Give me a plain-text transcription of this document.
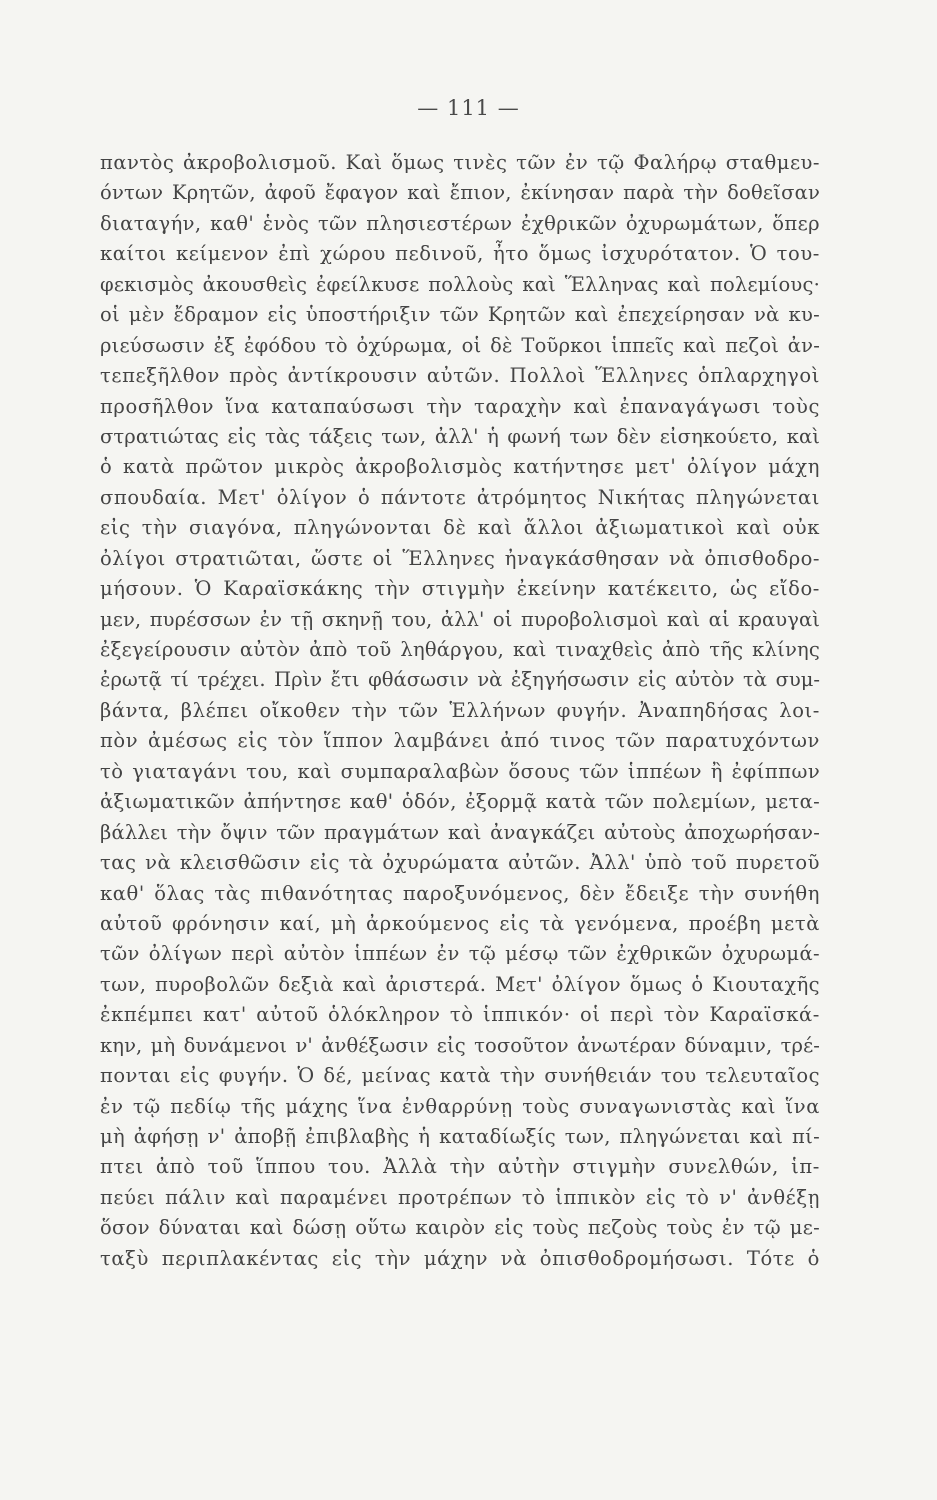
— 111 —
παντὸς ἀκροβολισμοῦ. Καὶ ὅμως τινὲς τῶν ἐν τῷ Φαλήρῳ σταθμευ-
όντων Κρητῶν, ἀφοῦ ἔφαγον καὶ ἔπιον, ἐκίνησαν παρὰ τὴν δοθεῖσαν
διαταγήν, καθ' ἑνὸς τῶν πλησιεστέρων ἐχθρικῶν ὀχυρωμάτων, ὅπερ
καίτοι κείμενον ἐπὶ χώρου πεδινοῦ, ἦτο ὅμως ἰσχυρότατον. Ὁ του-
φεκισμὸς ἀκουσθεὶς ἐφείλκυσε πολλοὺς καὶ Ἕλληνας καὶ πολεμίους·
οἱ μὲν ἔδραμον εἰς ὑποστήριξιν τῶν Κρητῶν καὶ ἐπεχείρησαν νὰ κυ-
ριεύσωσιν ἐξ ἐφόδου τὸ ὀχύρωμα, οἱ δὲ Τοῦρκοι ἱππεῖς καὶ πεζοὶ ἀν-
τεπεξῆλθον πρὸς ἀντίκρουσιν αὐτῶν. Πολλοὶ Ἕλληνες ὁπλαρχηγοὶ
προσῆλθον ἵνα καταπαύσωσι τὴν ταραχὴν καὶ ἐπαναγάγωσι τοὺς
στρατιώτας εἰς τὰς τάξεις των, ἀλλ' ἡ φωνή των δὲν εἰσηκούετο, καὶ
ὁ κατὰ πρῶτον μικρὸς ἀκροβολισμὸς κατήντησε μετ' ὀλίγον μάχη
σπουδαία. Μετ' ὀλίγον ὁ πάντοτε ἀτρόμητος Νικήτας πληγώνεται
εἰς τὴν σιαγόνα, πληγώνονται δὲ καὶ ἄλλοι ἀξιωματικοὶ καὶ οὐκ
ὀλίγοι στρατιῶται, ὥστε οἱ Ἕλληνες ἠναγκάσθησαν νὰ ὀπισθοδρο-
μήσουν. Ὁ Καραϊσκάκης τὴν στιγμὴν ἐκείνην κατέκειτο, ὡς εἴδο-
μεν, πυρέσσων ἐν τῇ σκηνῇ του, ἀλλ' οἱ πυροβολισμοὶ καὶ αἱ κραυγαὶ
ἐξεγείρουσιν αὐτὸν ἀπὸ τοῦ ληθάργου, καὶ τιναχθεὶς ἀπὸ τῆς κλίνης
ἐρωτᾷ τί τρέχει. Πρὶν ἔτι φθάσωσιν νὰ ἐξηγήσωσιν εἰς αὐτὸν τὰ συμ-
βάντα, βλέπει οἴκοθεν τὴν τῶν Ἑλλήνων φυγήν. Ἀναπηδήσας λοι-
πὸν ἀμέσως εἰς τὸν ἵππον λαμβάνει ἀπό τινος τῶν παρατυχόντων
τὸ γιαταγάνι του, καὶ συμπαραλαβὼν ὅσους τῶν ἱππέων ἢ ἐφίππων
ἀξιωματικῶν ἀπήντησε καθ' ὁδόν, ἐξορμᾷ κατὰ τῶν πολεμίων, μετα-
βάλλει τὴν ὄψιν τῶν πραγμάτων καὶ ἀναγκάζει αὐτοὺς ἀποχωρήσαν-
τας νὰ κλεισθῶσιν εἰς τὰ ὀχυρώματα αὐτῶν. Ἀλλ' ὑπὸ τοῦ πυρετοῦ
καθ' ὅλας τὰς πιθανότητας παροξυνόμενος, δὲν ἔδειξε τὴν συνήθη
αὐτοῦ φρόνησιν καί, μὴ ἀρκούμενος εἰς τὰ γενόμενα, προέβη μετὰ
τῶν ὀλίγων περὶ αὐτὸν ἱππέων ἐν τῷ μέσῳ τῶν ἐχθρικῶν ὀχυρωμά-
των, πυροβολῶν δεξιὰ καὶ ἀριστερά. Μετ' ὀλίγον ὅμως ὁ Κιουταχῆς
ἐκπέμπει κατ' αὐτοῦ ὁλόκληρον τὸ ἱππικόν· οἱ περὶ τὸν Καραϊσκά-
κην, μὴ δυνάμενοι ν' ἀνθέξωσιν εἰς τοσοῦτον ἀνωτέραν δύναμιν, τρέ-
πονται εἰς φυγήν. Ὁ δέ, μείνας κατὰ τὴν συνήθειάν του τελευταῖος
ἐν τῷ πεδίῳ τῆς μάχης ἵνα ἐνθαρρύνῃ τοὺς συναγωνιστὰς καὶ ἵνα
μὴ ἀφήσῃ ν' ἀποβῇ ἐπιβλαβὴς ἡ καταδίωξίς των, πληγώνεται καὶ πί-
πτει ἀπὸ τοῦ ἵππου του. Ἀλλὰ τὴν αὐτὴν στιγμὴν συνελθών, ἱπ-
πεύει πάλιν καὶ παραμένει προτρέπων τὸ ἱππικὸν εἰς τὸ ν' ἀνθέξῃ
ὅσον δύναται καὶ δώσῃ οὕτω καιρὸν εἰς τοὺς πεζοὺς τοὺς ἐν τῷ με-
ταξὺ περιπλακέντας εἰς τὴν μάχην νὰ ὀπισθοδρομήσωσι. Τότε ὁ
